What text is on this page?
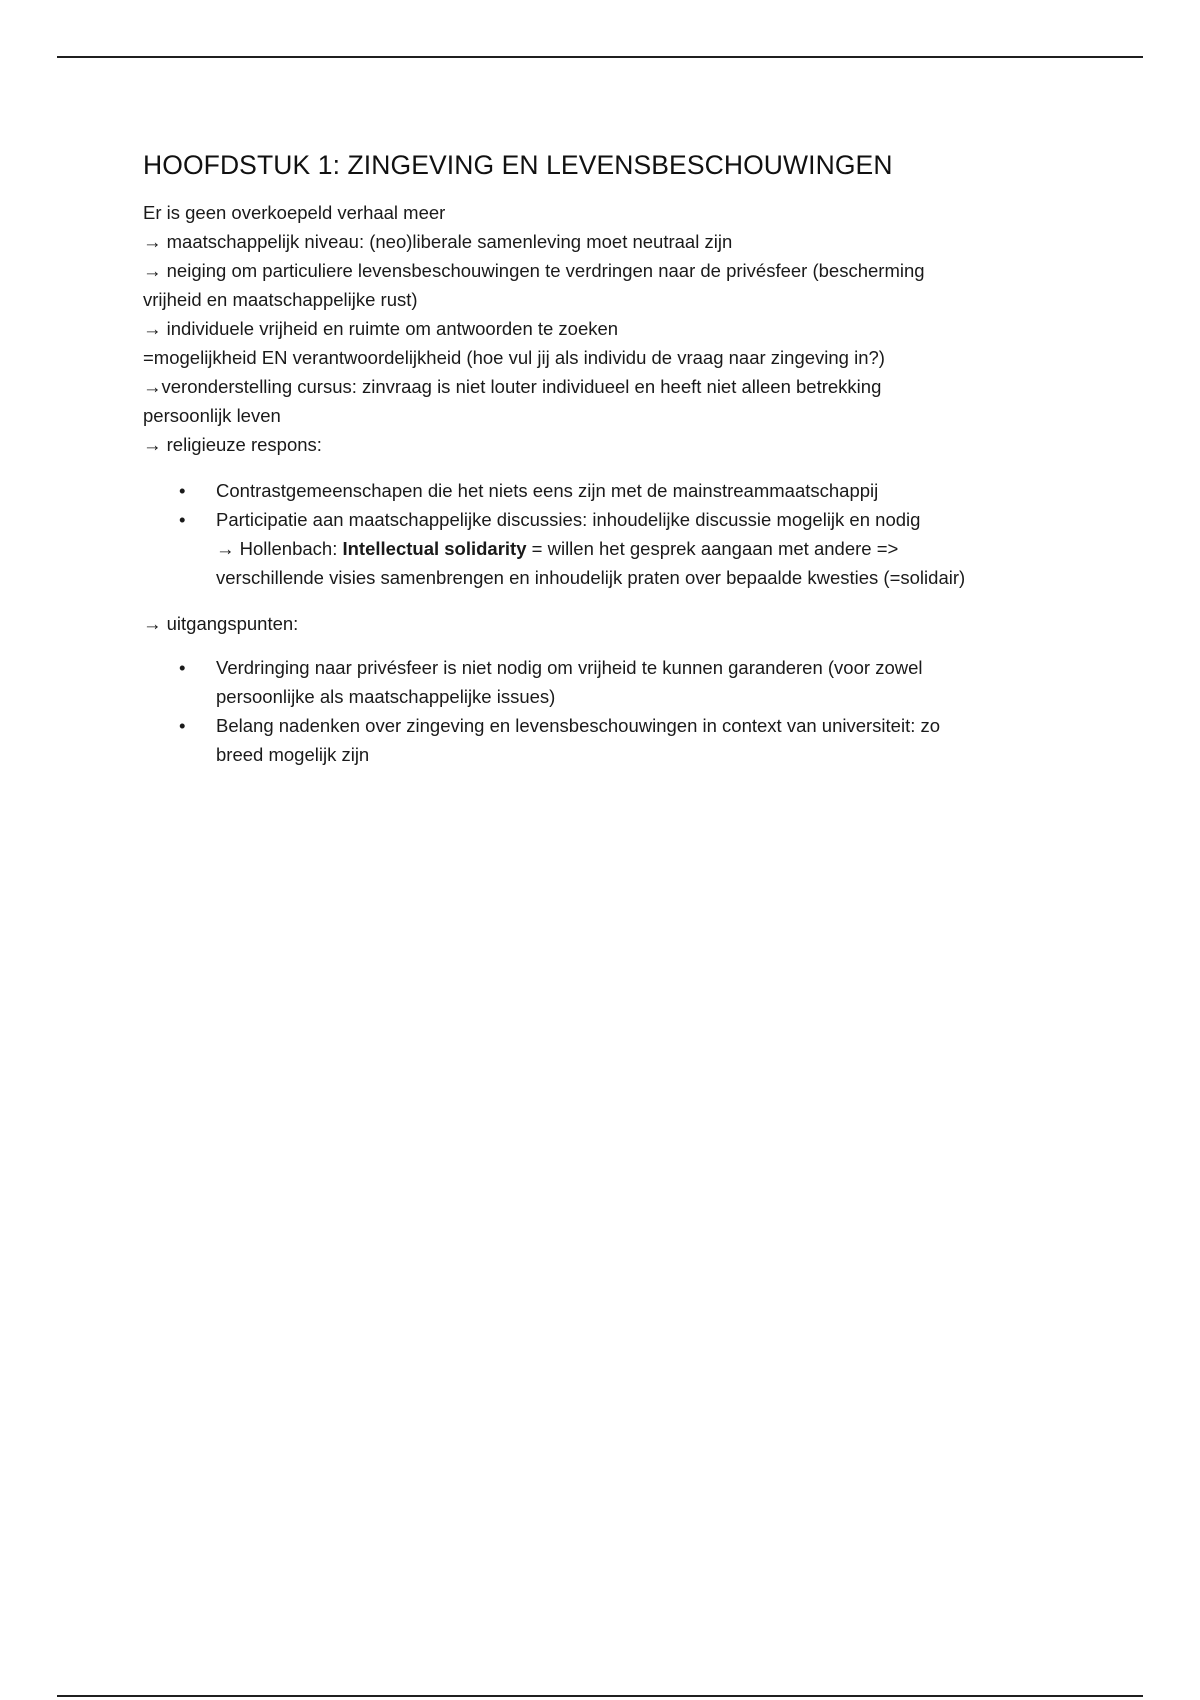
HOOFDSTUK 1: ZINGEVING EN LEVENSBESCHOUWINGEN

Er is geen overkoepeld verhaal meer

→ maatschappelijk niveau: (neo)liberale samenleving moet neutraal zijn

→ neiging om particuliere levensbeschouwingen te verdringen naar de privésfeer (bescherming

vrijheid en maatschappelijke rust)

→ individuele vrijheid en ruimte om antwoorden te zoeken

=mogelijkheid EN verantwoordelijkheid (hoe vul jij als individu de vraag naar zingeving in?)

→veronderstelling cursus: zinvraag is niet louter individueel en heeft niet alleen betrekking

persoonlijk leven

→ religieuze respons:

• Contrastgemeenschapen die het niets eens zijn met de mainstreammaatschappij
• Participatie aan maatschappelijke discussies: inhoudelijke discussie mogelijk en nodig
→ Hollenbach: Intellectual solidarity = willen het gesprek aangaan met andere =>
verschillende visies samenbrengen en inhoudelijk praten over bepaalde kwesties (=solidair)

→ uitgangspunten:

• Verdringing naar privésfeer is niet nodig om vrijheid te kunnen garanderen (voor zowel
persoonlijke als maatschappelijke issues)
• Belang nadenken over zingeving en levensbeschouwingen in context van universiteit: zo
breed mogelijk zijn
